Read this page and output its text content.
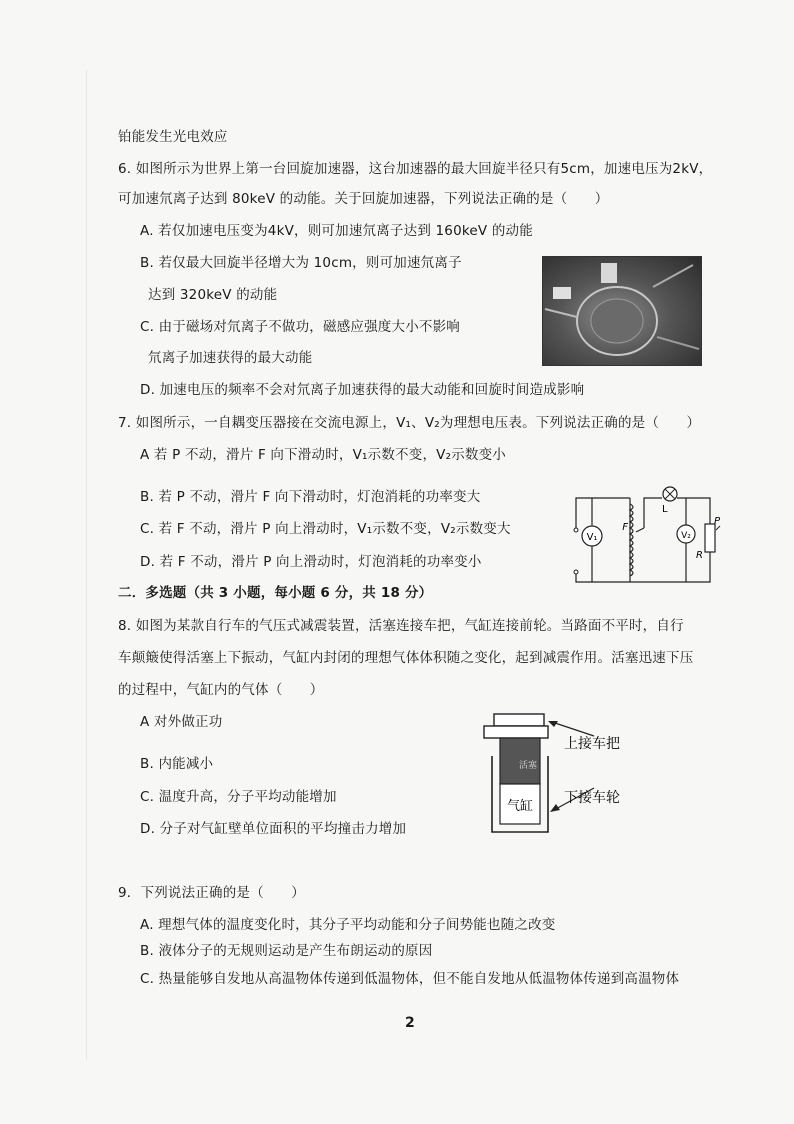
铂能发生光电效应
6. 如图所示为世界上第一台回旋加速器，这台加速器的最大回旋半径只有5cm，加速电压为2kV，
可加速氘离子达到 80keV 的动能。关于回旋加速器，下列说法正确的是（　　）
A. 若仅加速电压变为4kV，则可加速氘离子达到 160keV 的动能
B. 若仅最大回旋半径增大为 10cm，则可加速氘离子
达到 320keV 的动能
C. 由于磁场对氘离子不做功，磁感应强度大小不影响
氘离子加速获得的最大动能
D. 加速电压的频率不会对氘离子加速获得的最大动能和回旋时间造成影响
7. 如图所示，一自耦变压器接在交流电源上，V₁、V₂为理想电压表。下列说法正确的是（　　）
A 若 P 不动，滑片 F 向下滑动时，V₁示数不变，V₂示数变小
B. 若 P 不动，滑片 F 向下滑动时，灯泡消耗的功率变大
C. 若 F 不动，滑片 P 向上滑动时，V₁示数不变，V₂示数变大
D. 若 F 不动，滑片 P 向上滑动时，灯泡消耗的功率变小
V₁
F
L
V₂
R
P
二．多选题（共 3 小题，每小题 6 分，共 18 分）
8. 如图为某款自行车的气压式减震装置，活塞连接车把，气缸连接前轮。当路面不平时，自行
车颠簸使得活塞上下振动，气缸内封闭的理想气体体积随之变化，起到减震作用。活塞迅速下压
的过程中，气缸内的气体（　　）
A 对外做正功
B. 内能减小
C. 温度升高，分子平均动能增加
D. 分子对气缸壁单位面积的平均撞击力增加
活塞
气缸
上接车把
下接车轮
9．下列说法正确的是（　　）
A. 理想气体的温度变化时，其分子平均动能和分子间势能也随之改变
B. 液体分子的无规则运动是产生布朗运动的原因
C. 热量能够自发地从高温物体传递到低温物体，但不能自发地从低温物体传递到高温物体
2
